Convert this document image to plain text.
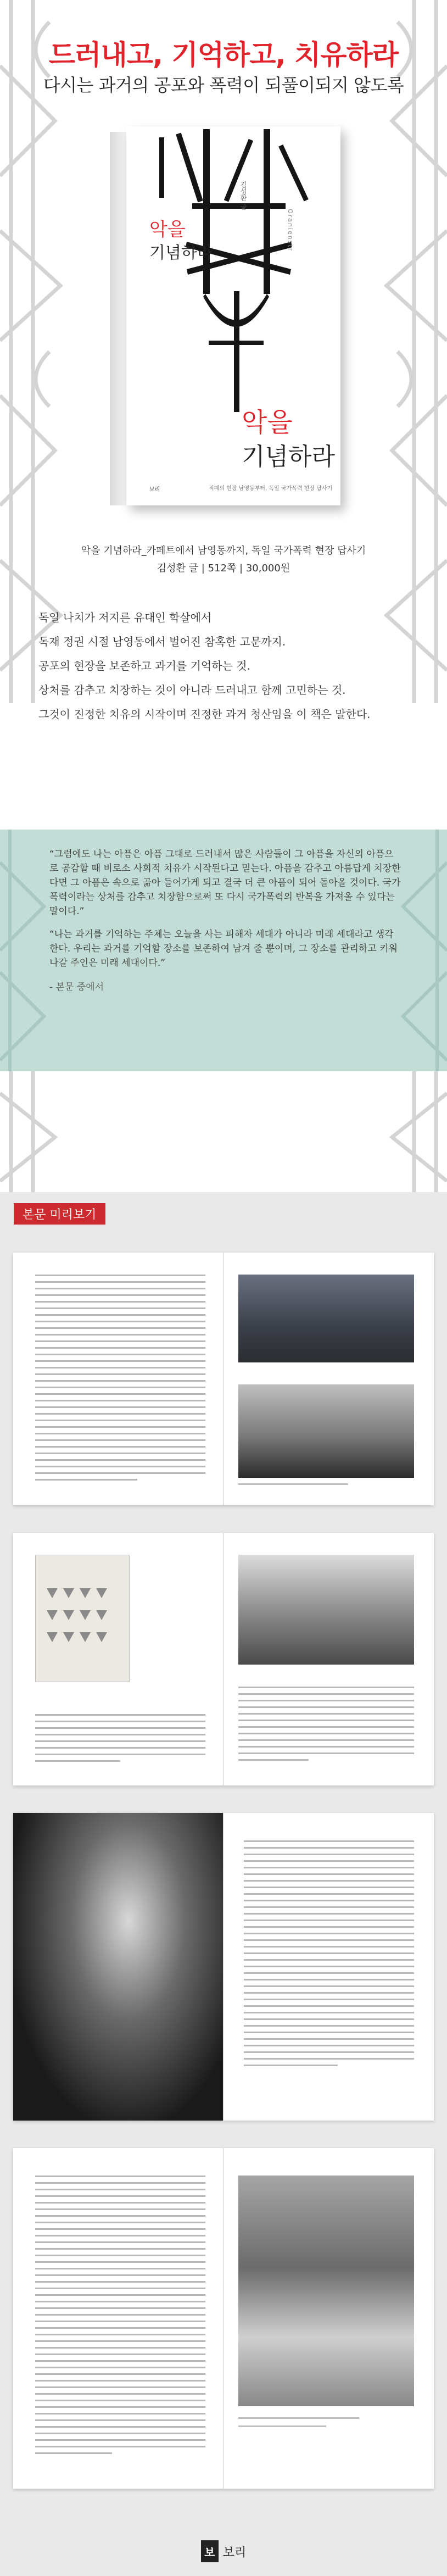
드러내고, 기억하고, 치유하라
다시는 과거의 공포와 폭력이 되풀이되지 않도록
악을
기념하라
김성환 글
Oranienstr
악을
기념하라
보리	적폐의 현장 남영동부터, 독일 국가폭력 현장 답사기
악을 기념하라_카페트에서 남영동까지, 독일 국가폭력 현장 답사기
김성환 글 | 512쪽 | 30,000원

독일 나치가 저지른 유대인 학살에서

독재 정권 시절 남영동에서 벌어진 참혹한 고문까지.

공포의 현장을 보존하고 과거를 기억하는 것.

상처를 감추고 치장하는 것이 아니라 드러내고 함께 고민하는 것.

그것이 진정한 치유의 시작이며 진정한 과거 청산임을 이 책은 말한다.

“그럼에도 나는 아픔은 아픔 그대로 드러내서 많은 사람들이 그 아픔을 자신의 아픔으로 공감할 때 비로소 사회적 치유가 시작된다고 믿는다. 아픔을 감추고 아름답게 치장한다면 그 아픔은 속으로 곪아 들어가게 되고 결국 더 큰 아픔이 되어 돌아올 것이다. 국가폭력이라는 상처를 감추고 치장함으로써 또 다시 국가폭력의 반복을 가져올 수 있다는 말이다.”

“나는 과거를 기억하는 주체는 오늘을 사는 피해자 세대가 아니라 미래 세대라고 생각한다. 우리는 과거를 기억할 장소를 보존하여 남겨 줄 뿐이며, 그 장소를 관리하고 키워 나갈 주인은 미래 세대이다.”

- 본문 중에서
본문 미리보기
보 보리
